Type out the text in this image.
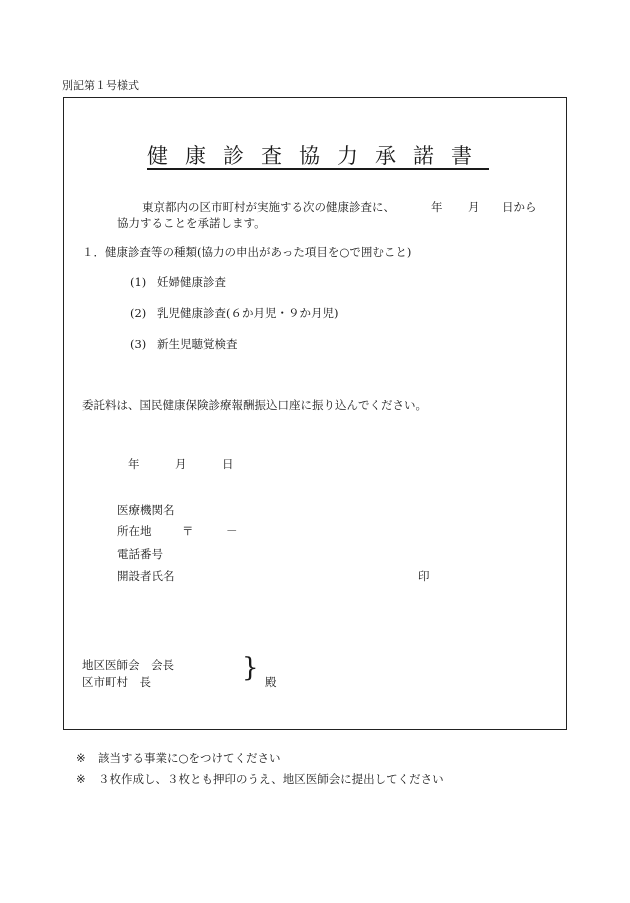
別記第１号様式
健康診査協力承諾書
東京都内の区市町村が実施する次の健康診査に、	年 月 日から
協力することを承諾します。
１．健康診査等の種類(協力の申出があった項目を○で囲むこと)
(1) 妊婦健康診査
(2) 乳児健康診査(６か月児・９か月児)
(3) 新生児聴覚検査
委託料は、国民健康保険診療報酬振込口座に振り込んでください。
年	月	日
医療機関名
所在地	〒	－
電話番号
開設者氏名	印
地区医師会　会長
区市町村　長	} 殿
※ 該当する事業に○をつけてください
※ ３枚作成し、３枚とも押印のうえ、地区医師会に提出してください
